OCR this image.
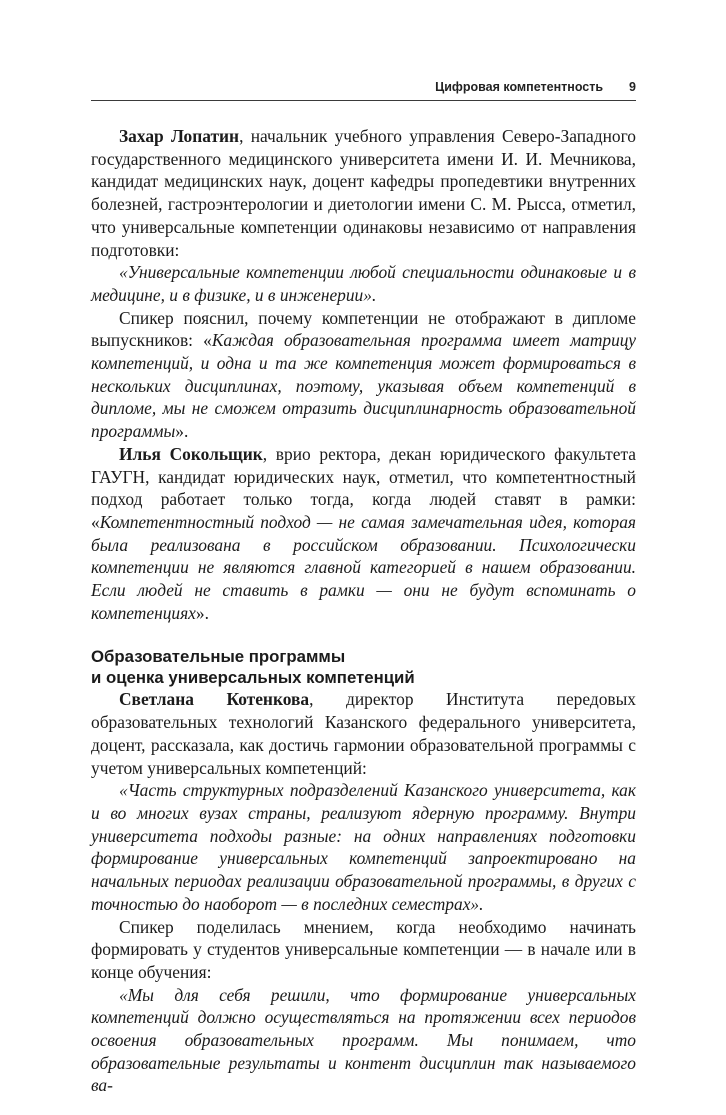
Цифровая компетентность 9

Захар Лопатин, начальник учебного управления Северо-Западного государственного медицинского университета имени И. И. Мечникова, кандидат медицинских наук, доцент кафедры пропедевтики внутренних болезней, гастроэнтерологии и диетологии имени С. М. Рысса, отметил, что универсальные компетенции одинаковы независимо от направления подготовки:

«Универсальные компетенции любой специальности одинаковые и в медицине, и в физике, и в инженерии».

Спикер пояснил, почему компетенции не отображают в дипломе выпускников: «Каждая образовательная программа имеет матрицу компетенций, и одна и та же компетенция может формироваться в нескольких дисциплинах, поэтому, указывая объем компетенций в дипломе, мы не сможем отразить дисциплинарность образовательной программы».

Илья Сокольщик, врио ректора, декан юридического факультета ГАУГН, кандидат юридических наук, отметил, что компетентностный подход работает только тогда, когда людей ставят в рамки: «Компетентностный подход — не самая замечательная идея, которая была реализована в российском образовании. Психологически компетенции не являются главной категорией в нашем образовании. Если людей не ставить в рамки — они не будут вспоминать о компетенциях».

Образовательные программы
и оценка универсальных компетенций

Светлана Котенкова, директор Института передовых образовательных технологий Казанского федерального университета, доцент, рассказала, как достичь гармонии образовательной программы с учетом универсальных компетенций:

«Часть структурных подразделений Казанского университета, как и во многих вузах страны, реализуют ядерную программу. Внутри университета подходы разные: на одних направлениях подготовки формирование универсальных компетенций запроектировано на начальных периодах реализации образовательной программы, в других с точностью до наоборот — в последних семестрах».

Спикер поделилась мнением, когда необходимо начинать формировать у студентов универсальные компетенции — в начале или в конце обучения:

«Мы для себя решили, что формирование универсальных компетенций должно осуществляться на протяжении всех периодов освоения образовательных программ. Мы понимаем, что образовательные результаты и контент дисциплин так называемого ва-
